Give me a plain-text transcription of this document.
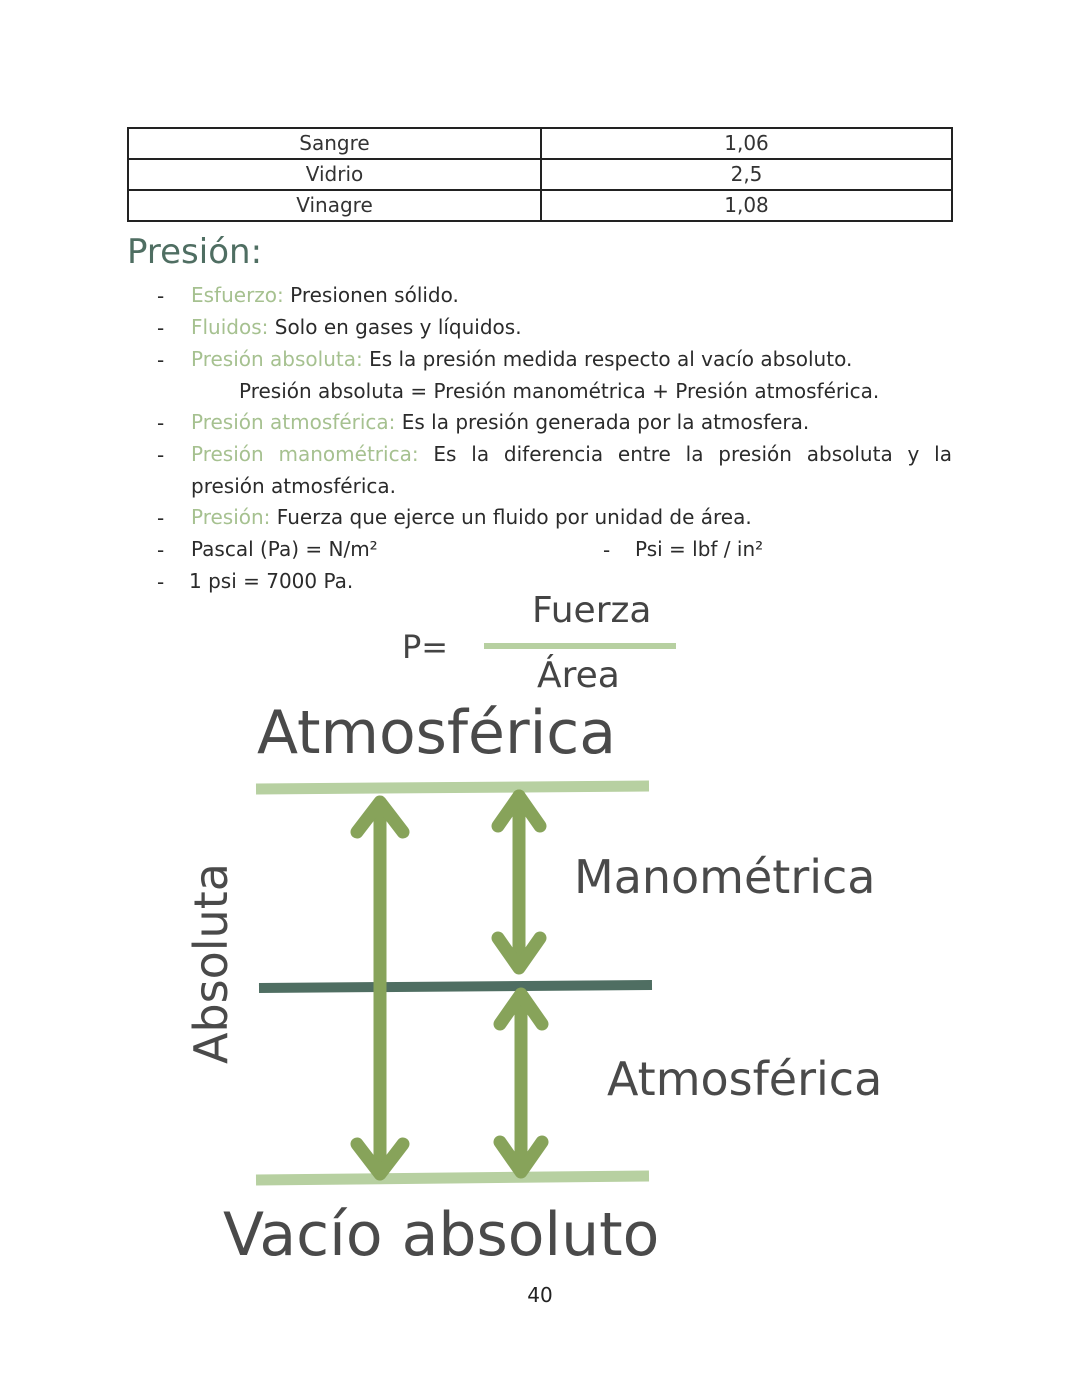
Sangre	1,06
Vidrio	2,5
Vinagre	1,08
Presión:
- Esfuerzo: Presionen sólido.
- Fluidos: Solo en gases y líquidos.
- Presión absoluta: Es la presión medida respecto al vacío absoluto.
Presión absoluta = Presión manométrica + Presión atmosférica.
- Presión atmosférica: Es la presión generada por la atmosfera.
- Presión manométrica: Es la diferencia entre la presión absoluta y la
presión atmosférica.
- Presión: Fuerza que ejerce un fluido por unidad de área.
- Pascal (Pa) = N/m²	- Psi = lbf / in²
- 1 psi = 7000 Pa.
P=
Fuerza
Área
Atmosférica
Manométrica
Atmosférica
Vacío absoluto
Absoluta
40
